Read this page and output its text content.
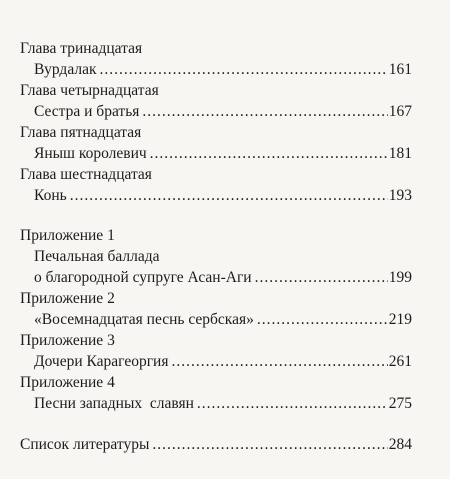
Глава тринадцатая
Вурдалак .....	161
Глава четырнадцатая
Сестра и братья .....	167
Глава пятнадцатая
Яныш королевич .....	181
Глава шестнадцатая
Конь .....	193
Приложение 1
Печальная баллада
о благородной супруге Асан-Аги .....	199
Приложение 2
«Восемнадцатая песнь сербская» .....	219
Приложение 3
Дочери Карагеоргия .....	261
Приложение 4
Песни западных  славян .....	275
Список литературы .....	284
